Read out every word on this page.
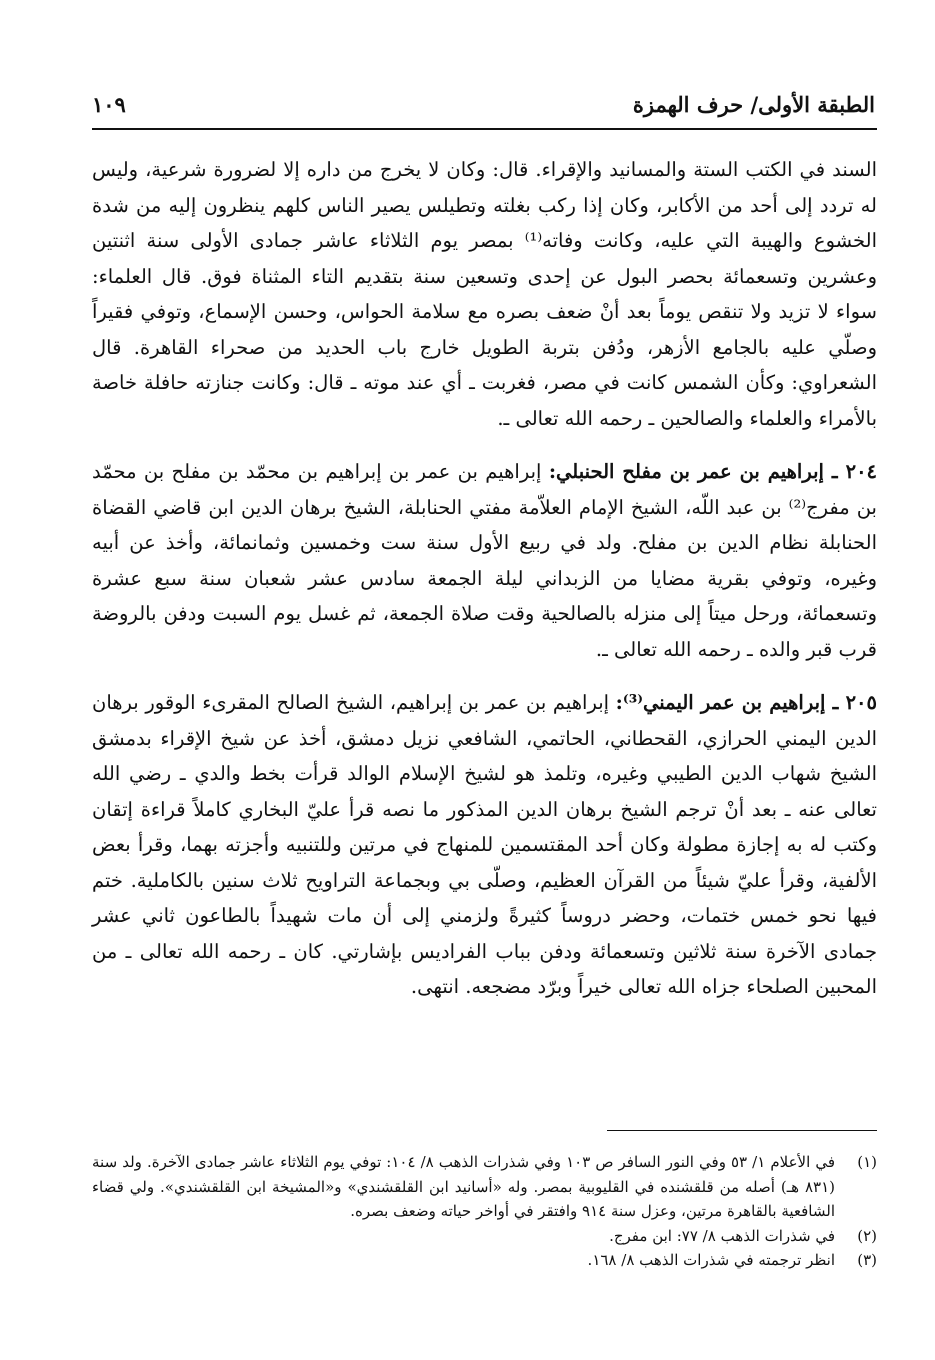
الطبقة الأولى/ حرف الهمزة
١٠٩

السند في الكتب الستة والمسانيد والإقراء. قال: وكان لا يخرج من داره إلا لضرورة شرعية، وليس له تردد إلى أحد من الأكابر، وكان إذا ركب بغلته وتطيلس يصير الناس كلهم ينظرون إليه من شدة الخشوع والهيبة التي عليه، وكانت وفاته⁽¹⁾ بمصر يوم الثلاثاء عاشر جمادى الأولى سنة اثنتين وعشرين وتسعمائة بحصر البول عن إحدى وتسعين سنة بتقديم التاء المثناة فوق. قال العلماء: سواء لا تزيد ولا تنقص يوماً بعد أنْ ضعف بصره مع سلامة الحواس، وحسن الإسماع، وتوفي فقيراً وصلّي عليه بالجامع الأزهر، ودُفن بتربة الطويل خارج باب الحديد من صحراء القاهرة. قال الشعراوي: وكأن الشمس كانت في مصر، فغربت ـ أي عند موته ـ قال: وكانت جنازته حافلة خاصة بالأمراء والعلماء والصالحين ـ رحمه الله تعالى ـ.

٢٠٤ ـ إبراهيم بن عمر بن مفلح الحنبلي: إبراهيم بن عمر بن إبراهيم بن محمّد بن مفلح بن محمّد بن مفرج⁽²⁾ بن عبد اللّه، الشيخ الإمام العلاّمة مفتي الحنابلة، الشيخ برهان الدين ابن قاضي القضاة الحنابلة نظام الدين بن مفلح. ولد في ربيع الأول سنة ست وخمسين وثمانمائة، وأخذ عن أبيه وغيره، وتوفي بقرية مضايا من الزبداني ليلة الجمعة سادس عشر شعبان سنة سبع عشرة وتسعمائة، ورحل ميتاً إلى منزله بالصالحية وقت صلاة الجمعة، ثم غسل يوم السبت ودفن بالروضة قرب قبر والده ـ رحمه الله تعالى ـ.

٢٠٥ ـ إبراهيم بن عمر اليمني⁽³⁾: إبراهيم بن عمر بن إبراهيم، الشيخ الصالح المقرىء الوقور برهان الدين اليمني الحرازي، القحطاني، الحاتمي، الشافعي نزيل دمشق، أخذ عن شيخ الإقراء بدمشق الشيخ شهاب الدين الطيبي وغيره، وتلمذ هو لشيخ الإسلام الوالد قرأت بخط والدي ـ رضي الله تعالى عنه ـ بعد أنْ ترجم الشيخ برهان الدين المذكور ما نصه قرأ عليّ البخاري كاملاً قراءة إتقان وكتب له به إجازة مطولة وكان أحد المقتسمين للمنهاج في مرتين وللتنبيه وأجزته بهما، وقرأ بعض الألفية، وقرأ عليّ شيئاً من القرآن العظيم، وصلّى بي وبجماعة التراويح ثلاث سنين بالكاملية. ختم فيها نحو خمس ختمات، وحضر دروساً كثيرةً ولزمني إلى أن مات شهيداً بالطاعون ثاني عشر جمادى الآخرة سنة ثلاثين وتسعمائة ودفن بباب الفراديس بإشارتي. كان ـ رحمه الله تعالى ـ من المحبين الصلحاء جزاه الله تعالى خيراً وبرّد مضجعه. انتهى.

(١)
في الأعلام ١/ ٥٣ وفي النور السافر ص ١٠٣ وفي شذرات الذهب ٨/ ١٠٤: توفي يوم الثلاثاء عاشر جمادى الآخرة. ولد سنة (٨٣١ هـ) أصله من قلقشنده في القليوبية بمصر. وله «أسانيد ابن القلقشندي» و«المشيخة ابن القلقشندي». ولي قضاء الشافعية بالقاهرة مرتين، وعزل سنة ٩١٤ وافتقر في أواخر حياته وضعف بصره.
(٢)
في شذرات الذهب ٨/ ٧٧: ابن مفرج.
(٣)
انظر ترجمته في شذرات الذهب ٨/ ١٦٨.
